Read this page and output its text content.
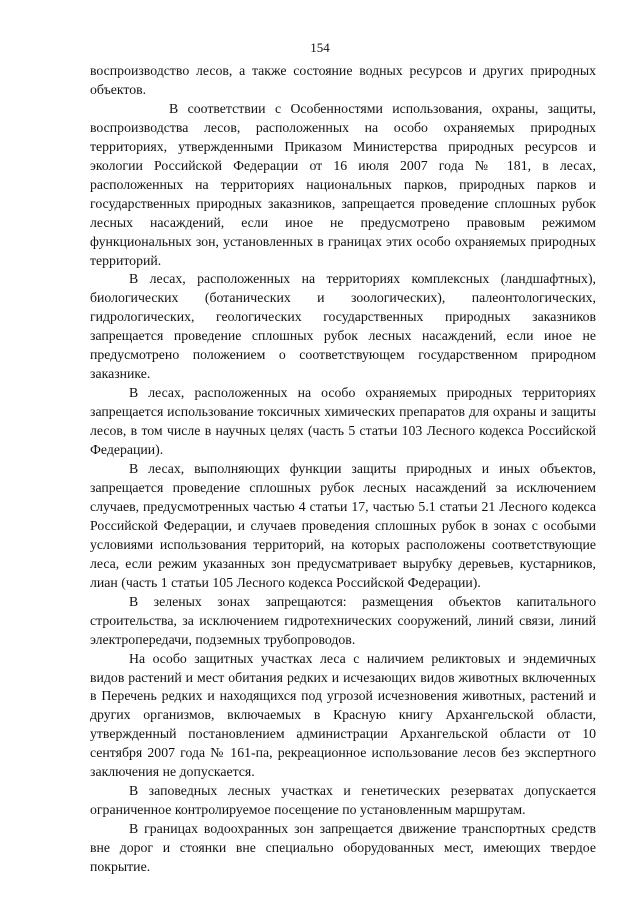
154

воспроизводство лесов, а также состояние водных ресурсов и других природных объектов.

В соответствии с Особенностями использования, охраны, защиты, воспроизводства лесов, расположенных на особо охраняемых природных территориях, утвержденными Приказом Министерства природных ресурсов и экологии Российской Федерации от 16 июля 2007 года № 181, в лесах, расположенных на территориях национальных парков, природных парков и государственных природных заказников, запрещается проведение сплошных рубок лесных насаждений, если иное не предусмотрено правовым режимом функциональных зон, установленных в границах этих особо охраняемых природных территорий.

В лесах, расположенных на территориях комплексных (ландшафтных), биологических (ботанических и зоологических), палеонтологических, гидрологических, геологических государственных природных заказников запрещается проведение сплошных рубок лесных насаждений, если иное не предусмотрено положением о соответствующем государственном природном заказнике.

В лесах, расположенных на особо охраняемых природных территориях запрещается использование токсичных химических препаратов для охраны и защиты лесов, в том числе в научных целях (часть 5 статьи 103 Лесного кодекса Российской Федерации).

В лесах, выполняющих функции защиты природных и иных объектов, запрещается проведение сплошных рубок лесных насаждений за исключением случаев, предусмотренных частью 4 статьи 17, частью 5.1 статьи 21 Лесного кодекса Российской Федерации, и случаев проведения сплошных рубок в зонах с особыми условиями использования территорий, на которых расположены соответствующие леса, если режим указанных зон предусматривает вырубку деревьев, кустарников, лиан (часть 1 статьи 105 Лесного кодекса Российской Федерации).

В зеленых зонах запрещаются: размещения объектов капитального строительства, за исключением гидротехнических сооружений, линий связи, линий электропередачи, подземных трубопроводов.

На особо защитных участках леса с наличием реликтовых и эндемичных видов растений и мест обитания редких и исчезающих видов животных включенных в Перечень редких и находящихся под угрозой исчезновения животных, растений и других организмов, включаемых в Красную книгу Архангельской области, утвержденный постановлением администрации Архангельской области от 10 сентября 2007 года № 161-па, рекреационное использование лесов без экспертного заключения не допускается.

В заповедных лесных участках и генетических резерватах допускается ограниченное контролируемое посещение по установленным маршрутам.

В границах водоохранных зон запрещается движение транспортных средств вне дорог и стоянки вне специально оборудованных мест, имеющих твердое покрытие.
